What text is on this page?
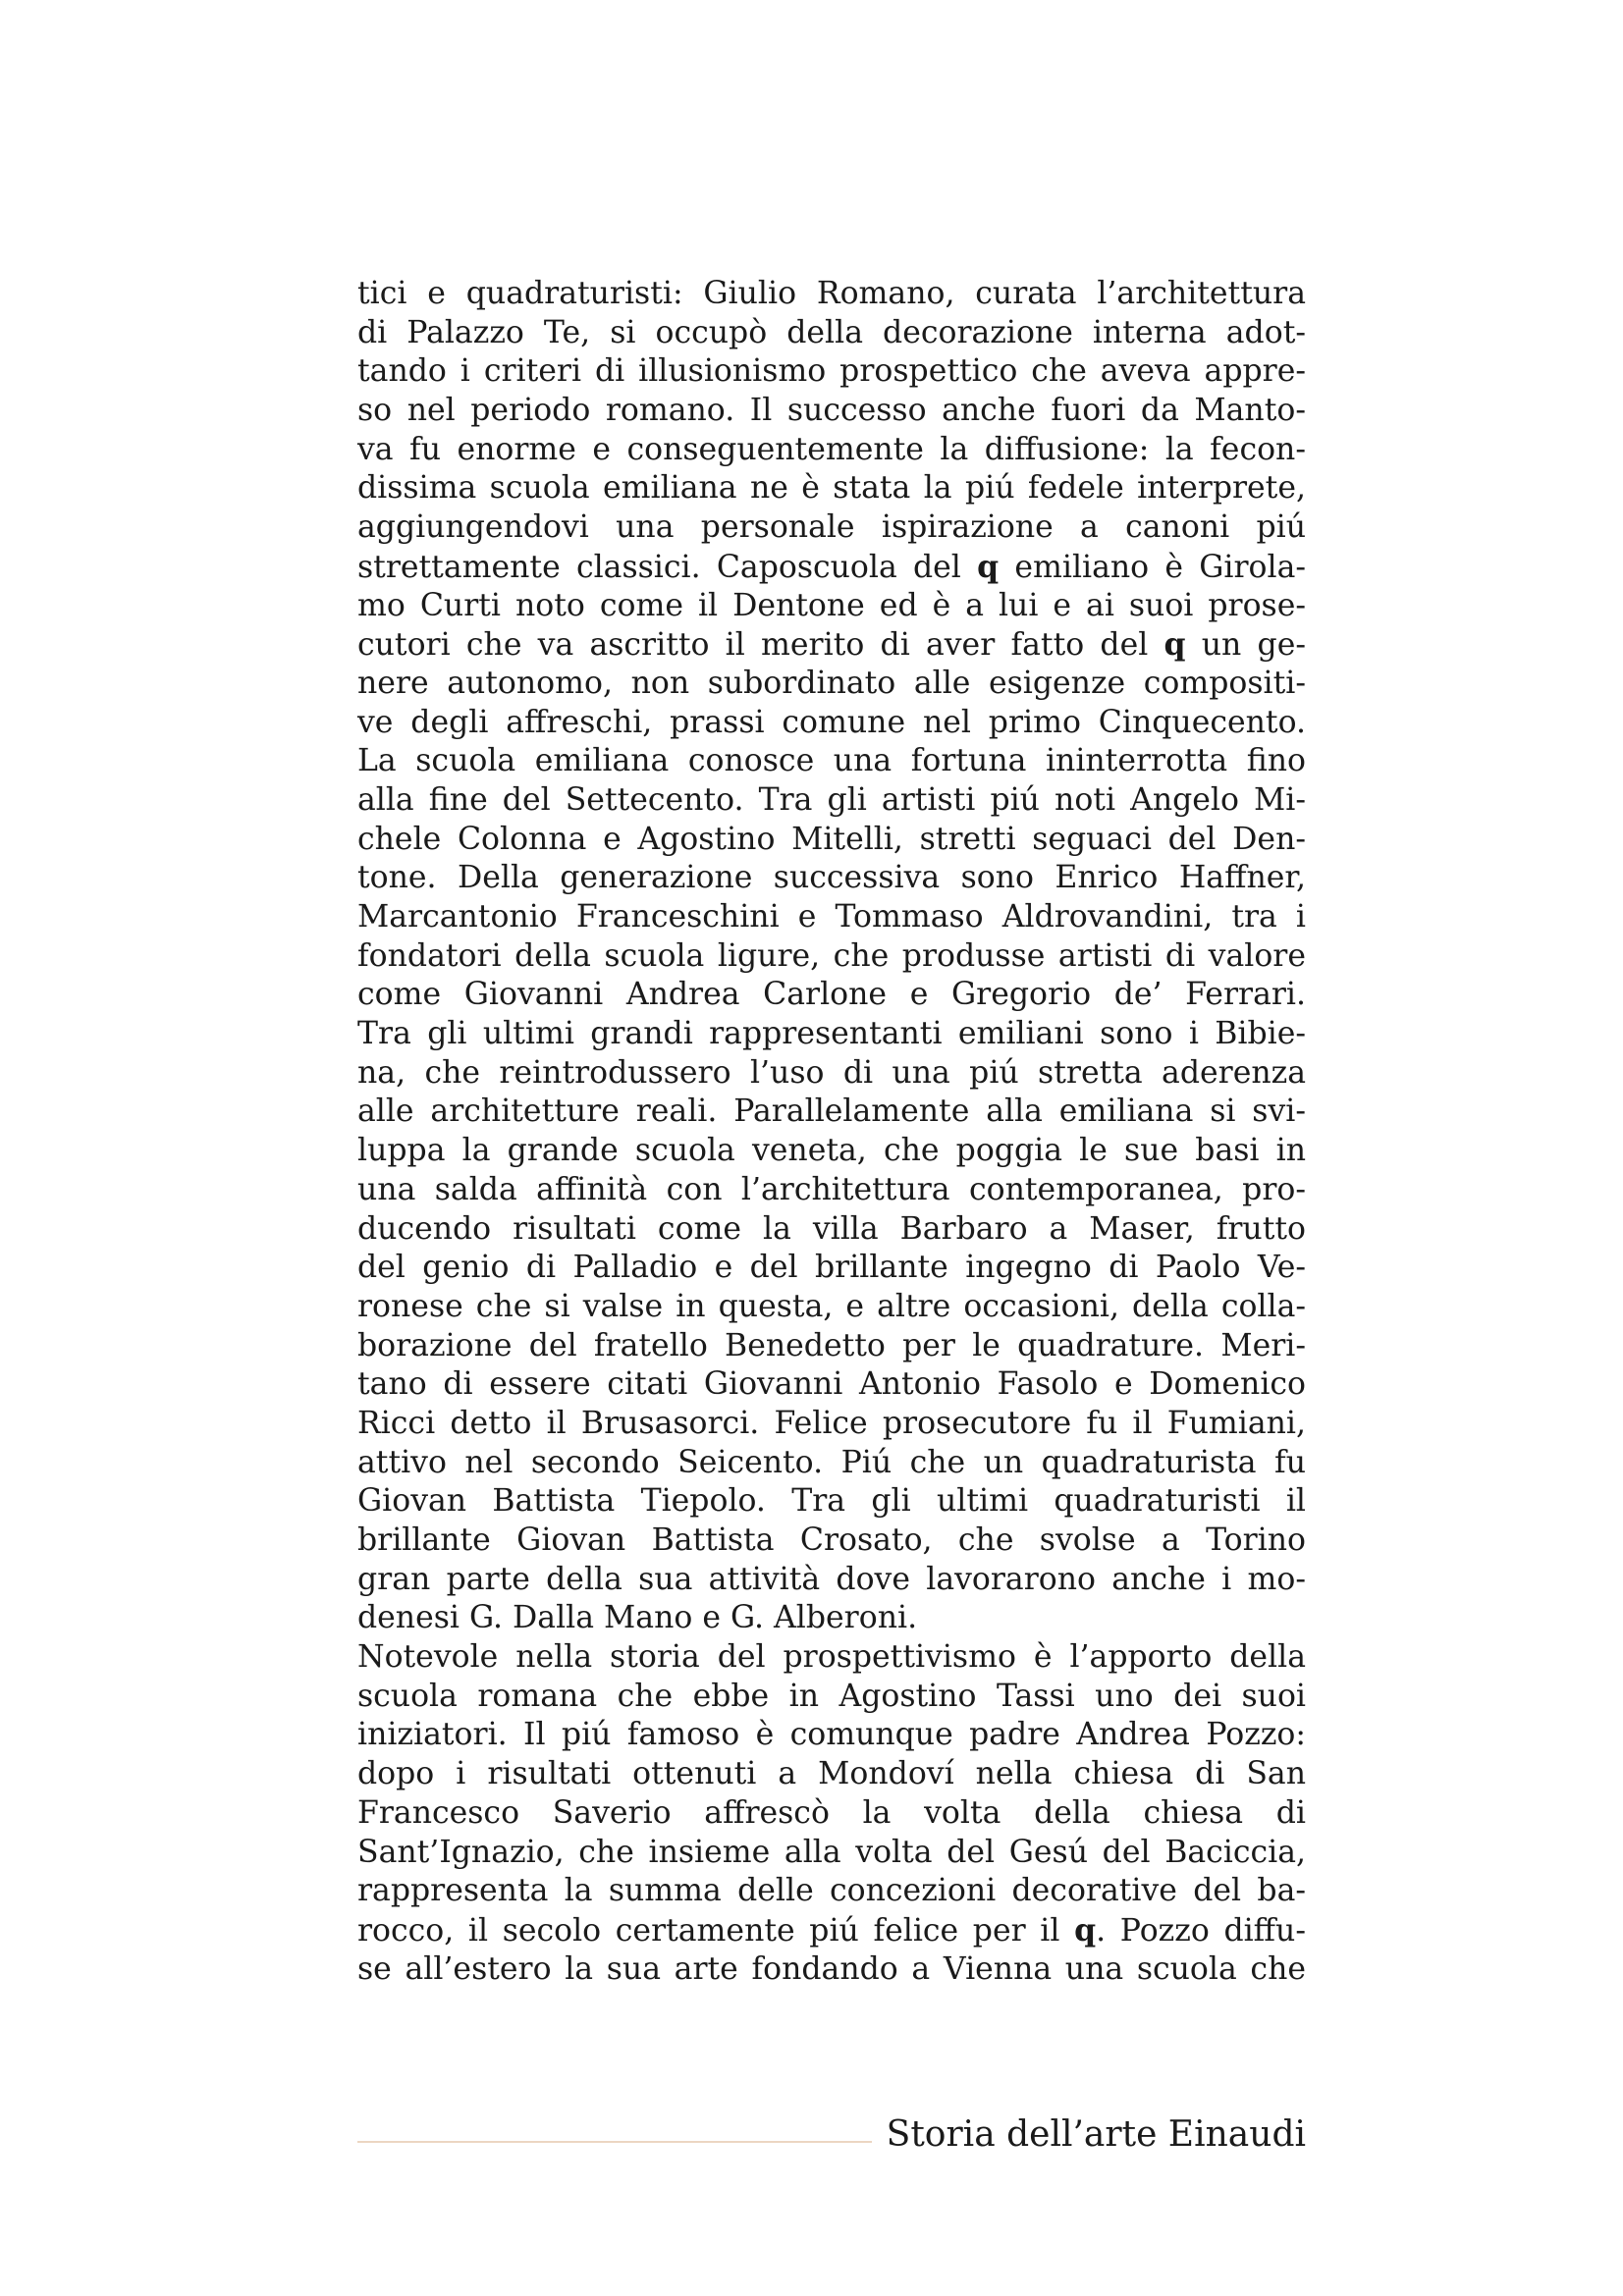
tici e quadraturisti: Giulio Romano, curata l’architettura
di Palazzo Te, si occupò della decorazione interna adot-
tando i criteri di illusionismo prospettico che aveva appre-
so nel periodo romano. Il successo anche fuori da Manto-
va fu enorme e conseguentemente la diffusione: la fecon-
dissima scuola emiliana ne è stata la piú fedele interprete,
aggiungendovi una personale ispirazione a canoni piú
strettamente classici. Caposcuola del q emiliano è Girola-
mo Curti noto come il Dentone ed è a lui e ai suoi prose-
cutori che va ascritto il merito di aver fatto del q un ge-
nere autonomo, non subordinato alle esigenze compositi-
ve degli affreschi, prassi comune nel primo Cinquecento.
La scuola emiliana conosce una fortuna ininterrotta fino
alla fine del Settecento. Tra gli artisti piú noti Angelo Mi-
chele Colonna e Agostino Mitelli, stretti seguaci del Den-
tone. Della generazione successiva sono Enrico Haffner,
Marcantonio Franceschini e Tommaso Aldrovandini, tra i
fondatori della scuola ligure, che produsse artisti di valore
come Giovanni Andrea Carlone e Gregorio de’ Ferrari.
Tra gli ultimi grandi rappresentanti emiliani sono i Bibie-
na, che reintrodussero l’uso di una piú stretta aderenza
alle architetture reali. Parallelamente alla emiliana si svi-
luppa la grande scuola veneta, che poggia le sue basi in
una salda affinità con l’architettura contemporanea, pro-
ducendo risultati come la villa Barbaro a Maser, frutto
del genio di Palladio e del brillante ingegno di Paolo Ve-
ronese che si valse in questa, e altre occasioni, della colla-
borazione del fratello Benedetto per le quadrature. Meri-
tano di essere citati Giovanni Antonio Fasolo e Domenico
Ricci detto il Brusasorci. Felice prosecutore fu il Fumiani,
attivo nel secondo Seicento. Piú che un quadraturista fu
Giovan Battista Tiepolo. Tra gli ultimi quadraturisti il
brillante Giovan Battista Crosato, che svolse a Torino
gran parte della sua attività dove lavorarono anche i mo-
denesi G. Dalla Mano e G. Alberoni.
Notevole nella storia del prospettivismo è l’apporto della
scuola romana che ebbe in Agostino Tassi uno dei suoi
iniziatori. Il piú famoso è comunque padre Andrea Pozzo:
dopo i risultati ottenuti a Mondoví nella chiesa di San
Francesco Saverio affrescò la volta della chiesa di
Sant’Ignazio, che insieme alla volta del Gesú del Baciccia,
rappresenta la summa delle concezioni decorative del ba-
rocco, il secolo certamente piú felice per il q. Pozzo diffu-
se all’estero la sua arte fondando a Vienna una scuola che
Storia dell’arte Einaudi
